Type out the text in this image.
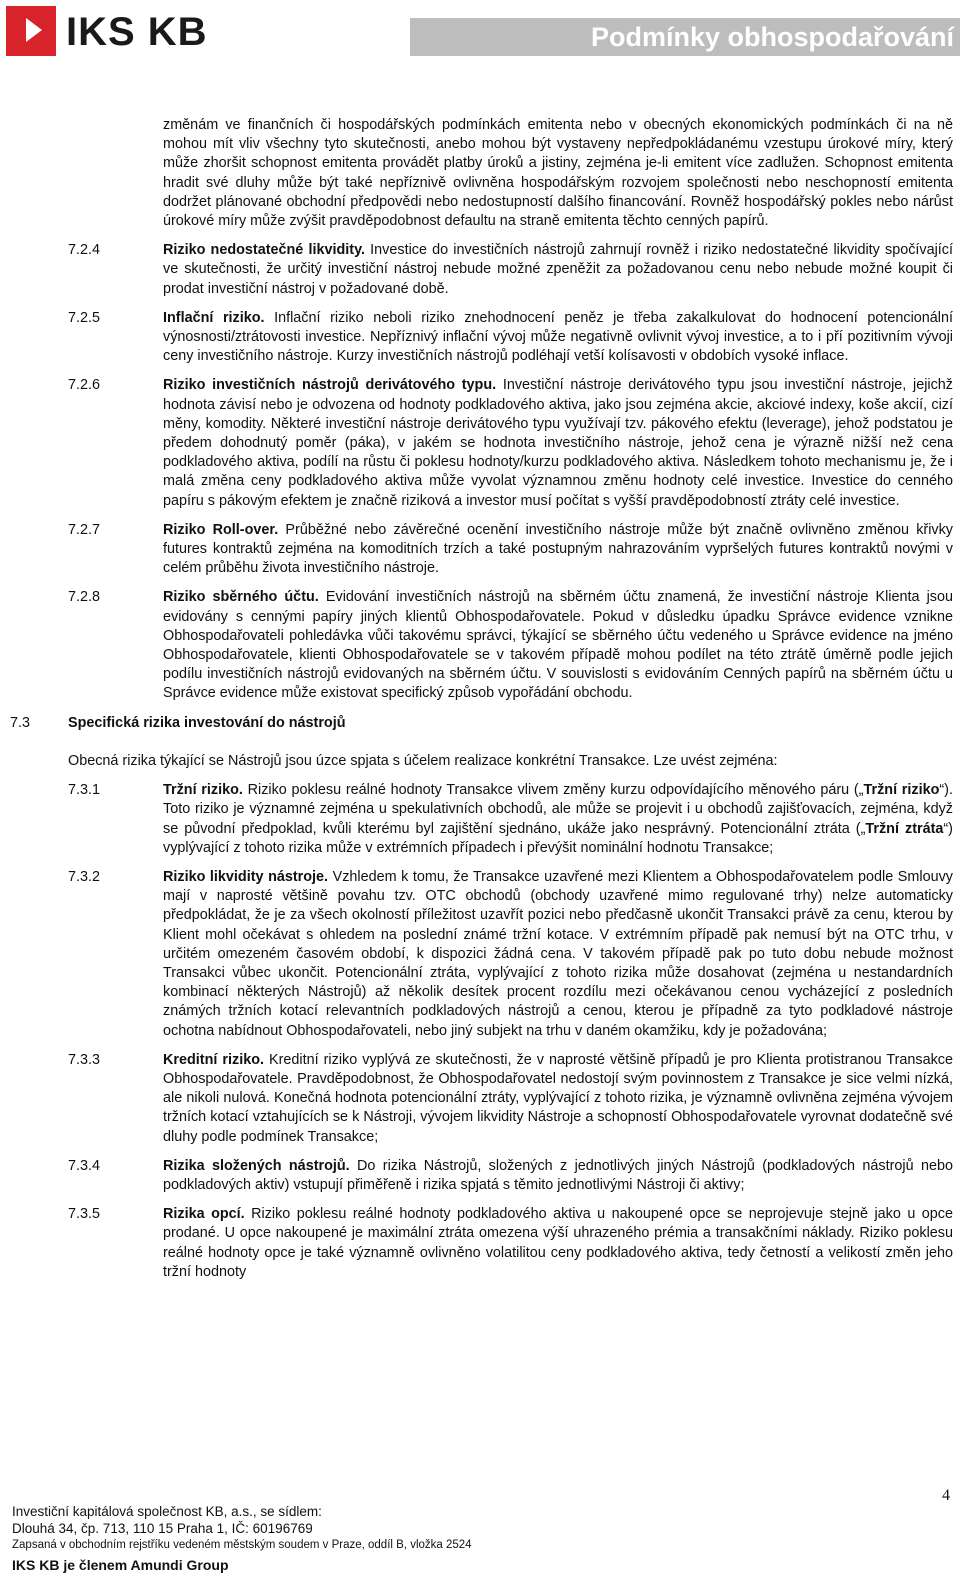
IKS KB	Podmínky obhospodařování
změnám ve finančních či hospodářských podmínkách emitenta nebo v obecných ekonomických podmínkách či na ně mohou mít vliv všechny tyto skutečnosti, anebo mohou být vystaveny nepředpokládanému vzestupu úrokové míry, který může zhoršit schopnost emitenta provádět platby úroků a jistiny, zejména je-li emitent více zadlužen. Schopnost emitenta hradit své dluhy může být také nepříznivě ovlivněna hospodářským rozvojem společnosti nebo neschopností emitenta dodržet plánované obchodní předpovědi nebo nedostupností dalšího financování. Rovněž hospodářský pokles nebo nárůst úrokové míry může zvýšit pravděpodobnost defaultu na straně emitenta těchto cenných papírů.
7.2.4	Riziko nedostatečné likvidity. Investice do investičních nástrojů zahrnují rovněž i riziko nedostatečné likvidity spočívající ve skutečnosti, že určitý investiční nástroj nebude možné zpeněžit za požadovanou cenu nebo nebude možné koupit či prodat investiční nástroj v požadované době.
7.2.5	Inflační riziko. Inflační riziko neboli riziko znehodnocení peněz je třeba zakalkulovat do hodnocení potencionální výnosnosti/ztrátovosti investice. Nepříznivý inflační vývoj může negativně ovlivnit vývoj investice, a to i pří pozitivním vývoji ceny investičního nástroje. Kurzy investičních nástrojů podléhají vetší kolísavosti v obdobích vysoké inflace.
7.2.6	Riziko investičních nástrojů derivátového typu. Investiční nástroje derivátového typu jsou investiční nástroje, jejichž hodnota závisí nebo je odvozena od hodnoty podkladového aktiva, jako jsou zejména akcie, akciové indexy, koše akcií, cizí měny, komodity. Některé investiční nástroje derivátového typu využívají tzv. pákového efektu (leverage), jehož podstatou je předem dohodnutý poměr (páka), v jakém se hodnota investičního nástroje, jehož cena je výrazně nižší než cena podkladového aktiva, podílí na růstu či poklesu hodnoty/kurzu podkladového aktiva. Následkem tohoto mechanismu je, že i malá změna ceny podkladového aktiva může vyvolat významnou změnu hodnoty celé investice. Investice do cenného papíru s pákovým efektem je značně riziková a investor musí počítat s vyšší pravděpodobností ztráty celé investice.
7.2.7	Riziko Roll-over. Průběžné nebo závěrečné ocenění investičního nástroje může být značně ovlivněno změnou křivky futures kontraktů zejména na komoditních trzích a také postupným nahrazováním vypršelých futures kontraktů novými v celém průběhu života investičního nástroje.
7.2.8	Riziko sběrného účtu. Evidování investičních nástrojů na sběrném účtu znamená, že investiční nástroje Klienta jsou evidovány s cennými papíry jiných klientů Obhospodařovatele. Pokud v důsledku úpadku Správce evidence vznikne Obhospodařovateli pohledávka vůči takovému správci, týkající se sběrného účtu vedeného u Správce evidence na jméno Obhospodařovatele, klienti Obhospodařovatele se v takovém případě mohou podílet na této ztrátě úměrně podle jejich podílu investičních nástrojů evidovaných na sběrném účtu. V souvislosti s evidováním Cenných papírů na sběrném účtu u Správce evidence může existovat specifický způsob vypořádání obchodu.
7.3	Specifická rizika investování do nástrojů
Obecná rizika týkající se Nástrojů jsou úzce spjata s účelem realizace konkrétní Transakce. Lze uvést zejména:
7.3.1	Tržní riziko. Riziko poklesu reálné hodnoty Transakce vlivem změny kurzu odpovídajícího měnového páru („Tržní riziko“). Toto riziko je významné zejména u spekulativních obchodů, ale může se projevit i u obchodů zajišťovacích, zejména, když se původní předpoklad, kvůli kterému byl zajištění sjednáno, ukáže jako nesprávný. Potencionální ztráta („Tržní ztráta“) vyplývající z tohoto rizika může v extrémních případech i převýšit nominální hodnotu Transakce;
7.3.2	Riziko likvidity nástroje. Vzhledem k tomu, že Transakce uzavřené mezi Klientem a Obhospodařovatelem podle Smlouvy mají v naprosté většině povahu tzv. OTC obchodů (obchody uzavřené mimo regulované trhy) nelze automaticky předpokládat, že je za všech okolností příležitost uzavřít pozici nebo předčasně ukončit Transakci právě za cenu, kterou by Klient mohl očekávat s ohledem na poslední známé tržní kotace. V extrémním případě pak nemusí být na OTC trhu, v určitém omezeném časovém období, k dispozici žádná cena. V takovém případě pak po tuto dobu nebude možnost Transakci vůbec ukončit. Potencionální ztráta, vyplývající z tohoto rizika může dosahovat (zejména u nestandardních kombinací některých Nástrojů) až několik desítek procent rozdílu mezi očekávanou cenou vycházející z posledních známých tržních kotací relevantních podkladových nástrojů a cenou, kterou je případně za tyto podkladové nástroje ochotna nabídnout Obhospodařovateli, nebo jiný subjekt na trhu v daném okamžiku, kdy je požadována;
7.3.3	Kreditní riziko. Kreditní riziko vyplývá ze skutečnosti, že v naprosté většině případů je pro Klienta protistranou Transakce Obhospodařovatele. Pravděpodobnost, že Obhospodařovatel nedostojí svým povinnostem z Transakce je sice velmi nízká, ale nikoli nulová. Konečná hodnota potencionální ztráty, vyplývající z tohoto rizika, je významně ovlivněna zejména vývojem tržních kotací vztahujících se k Nástroji, vývojem likvidity Nástroje a schopností Obhospodařovatele vyrovnat dodatečně své dluhy podle podmínek Transakce;
7.3.4	Rizika složených nástrojů. Do rizika Nástrojů, složených z jednotlivých jiných Nástrojů (podkladových nástrojů nebo podkladových aktiv) vstupují přiměřeně i rizika spjatá s těmito jednotlivými Nástroji či aktivy;
7.3.5	Rizika opcí. Riziko poklesu reálné hodnoty podkladového aktiva u nakoupené opce se neprojevuje stejně jako u opce prodané. U opce nakoupené je maximální ztráta omezena výší uhrazeného prémia a transakčními náklady. Riziko poklesu reálné hodnoty opce je také významně ovlivněno volatilitou ceny podkladového aktiva, tedy četností a velikostí změn jeho tržní hodnoty
4
Investiční kapitálová společnost KB, a.s., se sídlem:
Dlouhá 34, čp. 713, 110 15 Praha 1, IČ: 60196769
Zapsaná v obchodním rejstříku vedeném městským soudem v Praze, oddíl B, vložka 2524
IKS KB je členem Amundi Group
